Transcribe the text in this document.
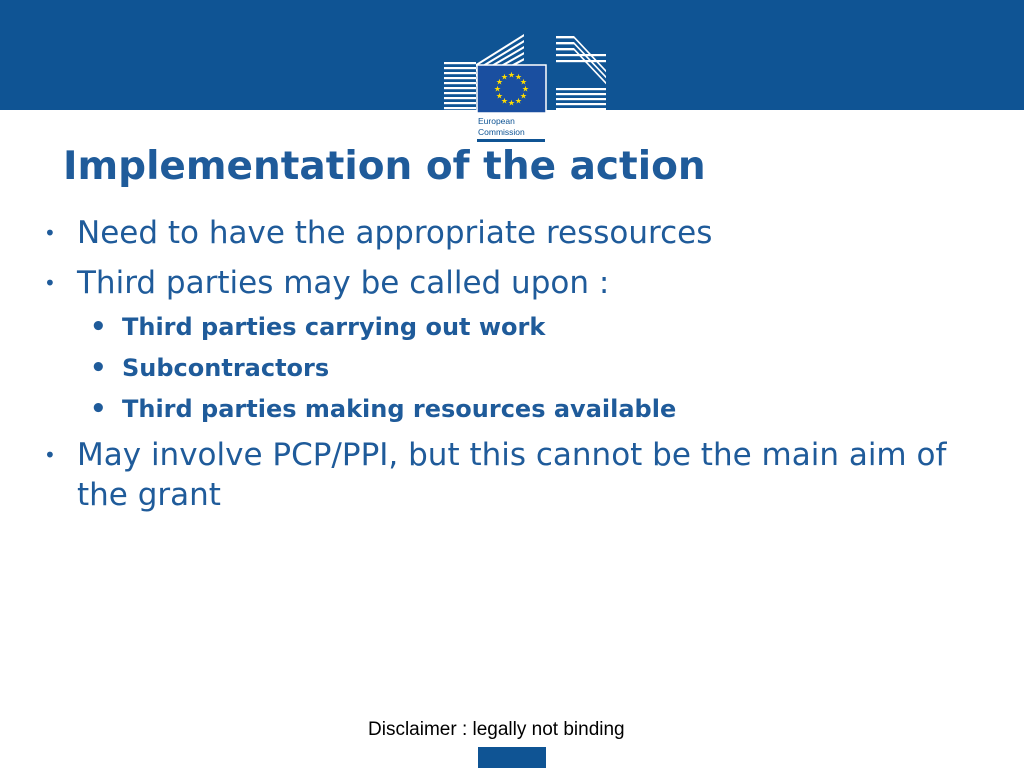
★ ★
★
★
★
★
★
★
★
★
★
★
European
Commission
Implementation of the action
• Need to have the appropriate ressources
• Third parties may be called upon :
• Third parties carrying out work
• Subcontractors
• Third parties making resources available
• May involve PCP/PPI, but this cannot be the main aim of the grant
Disclaimer : legally not binding
